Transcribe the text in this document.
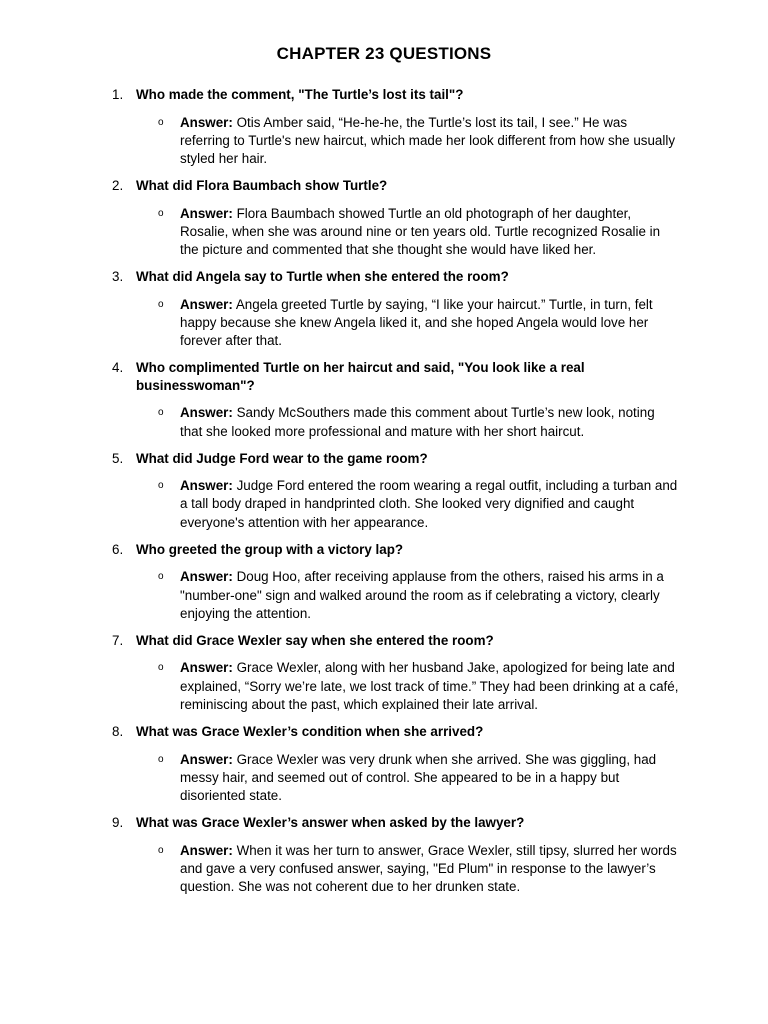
CHAPTER 23 QUESTIONS
1. Who made the comment, "The Turtle’s lost its tail"?

o Answer: Otis Amber said, “He-he-he, the Turtle’s lost its tail, I see.” He was referring to Turtle's new haircut, which made her look different from how she usually styled her hair.
2. What did Flora Baumbach show Turtle?

o Answer: Flora Baumbach showed Turtle an old photograph of her daughter, Rosalie, when she was around nine or ten years old. Turtle recognized Rosalie in the picture and commented that she thought she would have liked her.
3. What did Angela say to Turtle when she entered the room?

o Answer: Angela greeted Turtle by saying, “I like your haircut.” Turtle, in turn, felt happy because she knew Angela liked it, and she hoped Angela would love her forever after that.
4. Who complimented Turtle on her haircut and said, "You look like a real businesswoman"?

o Answer: Sandy McSouthers made this comment about Turtle’s new look, noting that she looked more professional and mature with her short haircut.
5. What did Judge Ford wear to the game room?

o Answer: Judge Ford entered the room wearing a regal outfit, including a turban and a tall body draped in handprinted cloth. She looked very dignified and caught everyone's attention with her appearance.
6. Who greeted the group with a victory lap?

o Answer: Doug Hoo, after receiving applause from the others, raised his arms in a "number-one" sign and walked around the room as if celebrating a victory, clearly enjoying the attention.
7. What did Grace Wexler say when she entered the room?

o Answer: Grace Wexler, along with her husband Jake, apologized for being late and explained, “Sorry we’re late, we lost track of time.” They had been drinking at a café, reminiscing about the past, which explained their late arrival.
8. What was Grace Wexler’s condition when she arrived?

o Answer: Grace Wexler was very drunk when she arrived. She was giggling, had messy hair, and seemed out of control. She appeared to be in a happy but disoriented state.
9. What was Grace Wexler’s answer when asked by the lawyer?

o Answer: When it was her turn to answer, Grace Wexler, still tipsy, slurred her words and gave a very confused answer, saying, "Ed Plum" in response to the lawyer’s question. She was not coherent due to her drunken state.
